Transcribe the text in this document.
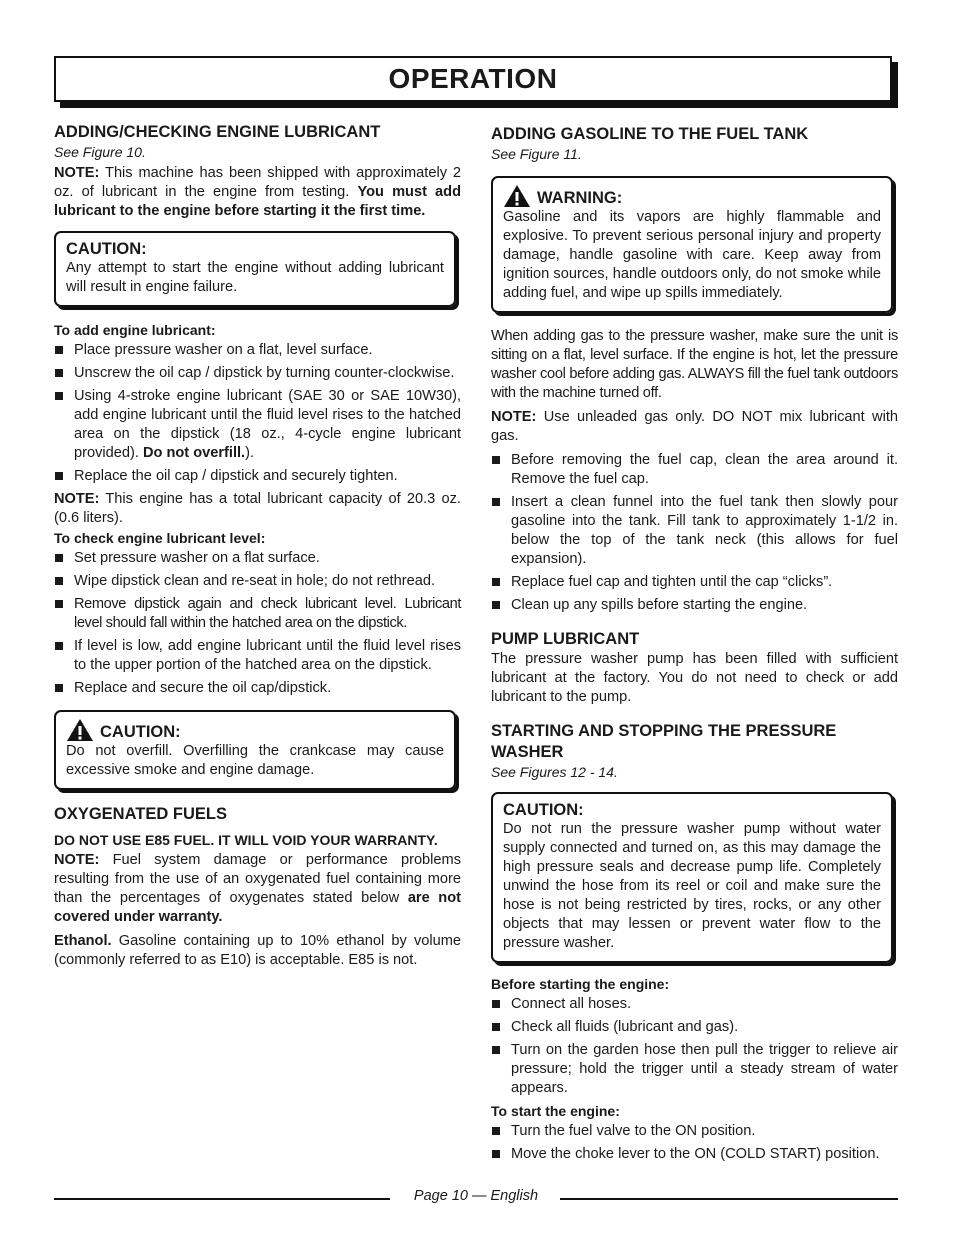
OPERATION
ADDING/CHECKING ENGINE LUBRICANT
See Figure 10.

NOTE: This machine has been shipped with approximately 2 oz. of lubricant in the engine from testing. You must add lubricant to the engine before starting it the first time.

CAUTION:

Any attempt to start the engine without adding lubricant will result in engine failure.

To add engine lubricant:
Place pressure washer on a flat, level surface.
Unscrew the oil cap / dipstick by turning counter-clockwise.
Using 4-stroke engine lubricant (SAE 30 or SAE 10W30), add engine lubricant until the fluid level rises to the hatched area on the dipstick (18 oz., 4-cycle engine lubricant provided). Do not overfill.).
Replace the oil cap / dipstick and securely tighten.

NOTE: This engine has a total lubricant capacity of 20.3 oz. (0.6 liters).

To check engine lubricant level:
Set pressure washer on a flat surface.
Wipe dipstick clean and re-seat in hole; do not rethread.
Remove dipstick again and check lubricant level. Lubricant level should fall within the hatched area on the dipstick.
If level is low, add engine lubricant until the fluid level rises to the upper portion of the hatched area on the dipstick.
Replace and secure the oil cap/dipstick.
CAUTION:

Do not overfill. Overfilling the crankcase may cause excessive smoke and engine damage.

OXYGENATED FUELS

DO NOT USE E85 FUEL. IT WILL VOID YOUR WARRANTY.

NOTE: Fuel system damage or performance problems resulting from the use of an oxygenated fuel containing more than the percentages of oxygenates stated below are not covered under warranty.

Ethanol. Gasoline containing up to 10% ethanol by volume (commonly referred to as E10) is acceptable. E85 is not.

ADDING GASOLINE TO THE FUEL TANK
See Figure 11.
WARNING:

Gasoline and its vapors are highly flammable and explosive. To prevent serious personal injury and property damage, handle gasoline with care. Keep away from ignition sources, handle outdoors only, do not smoke while adding fuel, and wipe up spills immediately.

When adding gas to the pressure washer, make sure the unit is sitting on a flat, level surface. If the engine is hot, let the pressure washer cool before adding gas. ALWAYS fill the fuel tank outdoors with the machine turned off.

NOTE: Use unleaded gas only. DO NOT mix lubricant with gas.

Before removing the fuel cap, clean the area around it. Remove the fuel cap.
Insert a clean funnel into the fuel tank then slowly pour gasoline into the tank. Fill tank to approximately 1-1/2 in. below the top of the tank neck (this allows for fuel expansion).
Replace fuel cap and tighten until the cap “clicks”.
Clean up any spills before starting the engine.
PUMP LUBRICANT

The pressure washer pump has been filled with sufficient lubricant at the factory. You do not need to check or add lubricant to the pump.

STARTING AND STOPPING THE PRESSURE WASHER
See Figures 12 - 14.
CAUTION:

Do not run the pressure washer pump without water supply connected and turned on, as this may damage the high pressure seals and decrease pump life. Completely unwind the hose from its reel or coil and make sure the hose is not being restricted by tires, rocks, or any other objects that may lessen or prevent water flow to the pressure washer.

Before starting the engine:
Connect all hoses.
Check all fluids (lubricant and gas).
Turn on the garden hose then pull the trigger to relieve air pressure; hold the trigger until a steady stream of water appears.
To start the engine:
Turn the fuel valve to the ON position.
Move the choke lever to the ON (COLD START) position.
Page 10 — English
